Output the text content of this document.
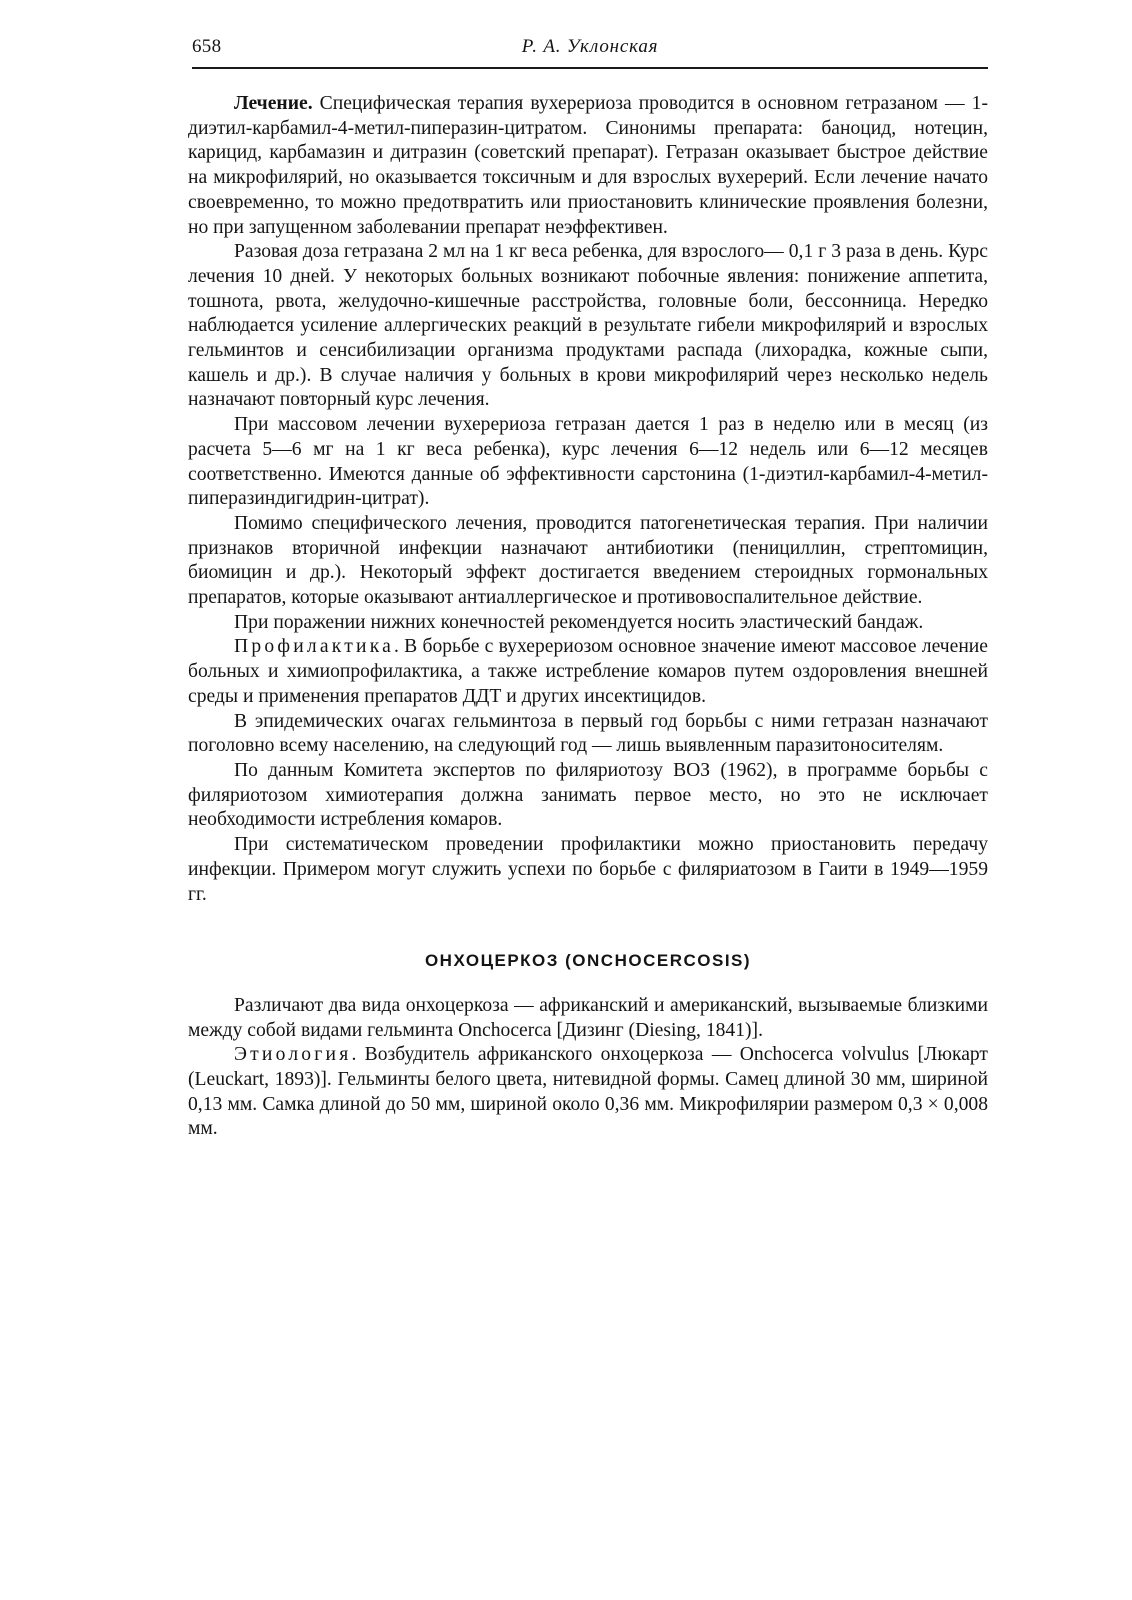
658	Р. А. Уклонская

Лечение. Специфическая терапия вухерериоза проводится в основном гетразаном — 1-диэтил-карбамил-4-метил-пиперазин-цитратом. Синонимы препарата: баноцид, нотецин, карицид, карбамазин и дитразин (советский препарат). Гетразан оказывает быстрое действие на микрофилярий, но оказывается токсичным и для взрослых вухерерий. Если лечение начато своевременно, то можно предотвратить или приостановить клинические проявления болезни, но при запущенном заболевании препарат неэффективен.

Разовая доза гетразана 2 мл на 1 кг веса ребенка, для взрослого— 0,1 г 3 раза в день. Курс лечения 10 дней. У некоторых больных возникают побочные явления: понижение аппетита, тошнота, рвота, желудочно-кишечные расстройства, головные боли, бессонница. Нередко наблюдается усиление аллергических реакций в результате гибели микрофилярий и взрослых гельминтов и сенсибилизации организма продуктами распада (лихорадка, кожные сыпи, кашель и др.). В случае наличия у больных в крови микрофилярий через несколько недель назначают повторный курс лечения.

При массовом лечении вухерериоза гетразан дается 1 раз в неделю или в месяц (из расчета 5—6 мг на 1 кг веса ребенка), курс лечения 6—12 недель или 6—12 месяцев соответственно. Имеются данные об эффективности сарстонина (1-диэтил-карбамил-4-метил-пиперазиндигидрин-цитрат).

Помимо специфического лечения, проводится патогенетическая терапия. При наличии признаков вторичной инфекции назначают антибиотики (пенициллин, стрептомицин, биомицин и др.). Некоторый эффект достигается введением стероидных гормональных препаратов, которые оказывают антиаллергическое и противовоспалительное действие.

При поражении нижних конечностей рекомендуется носить эластический бандаж.

Профилактика. В борьбе с вухерериозом основное значение имеют массовое лечение больных и химиопрофилактика, а также истребление комаров путем оздоровления внешней среды и применения препаратов ДДТ и других инсектицидов.

В эпидемических очагах гельминтоза в первый год борьбы с ними гетразан назначают поголовно всему населению, на следующий год — лишь выявленным паразитоносителям.

По данным Комитета экспертов по филяриотозу ВОЗ (1962), в программе борьбы с филяриотозом химиотерапия должна занимать первое место, но это не исключает необходимости истребления комаров.

При систематическом проведении профилактики можно приостановить передачу инфекции. Примером могут служить успехи по борьбе с филяриатозом в Гаити в 1949—1959 гг.

ОНХОЦЕРКОЗ (ONCHOCERCOSIS)

Различают два вида онхоцеркоза — африканский и американский, вызываемые близкими между собой видами гельминта Onchocerca [Дизинг (Diesing, 1841)].

Этиология. Возбудитель африканского онхоцеркоза — Onchocerca volvulus [Люкарт (Leuckart, 1893)]. Гельминты белого цвета, нитевидной формы. Самец длиной 30 мм, шириной 0,13 мм. Самка длиной до 50 мм, шириной около 0,36 мм. Микрофилярии размером 0,3 × 0,008 мм.
